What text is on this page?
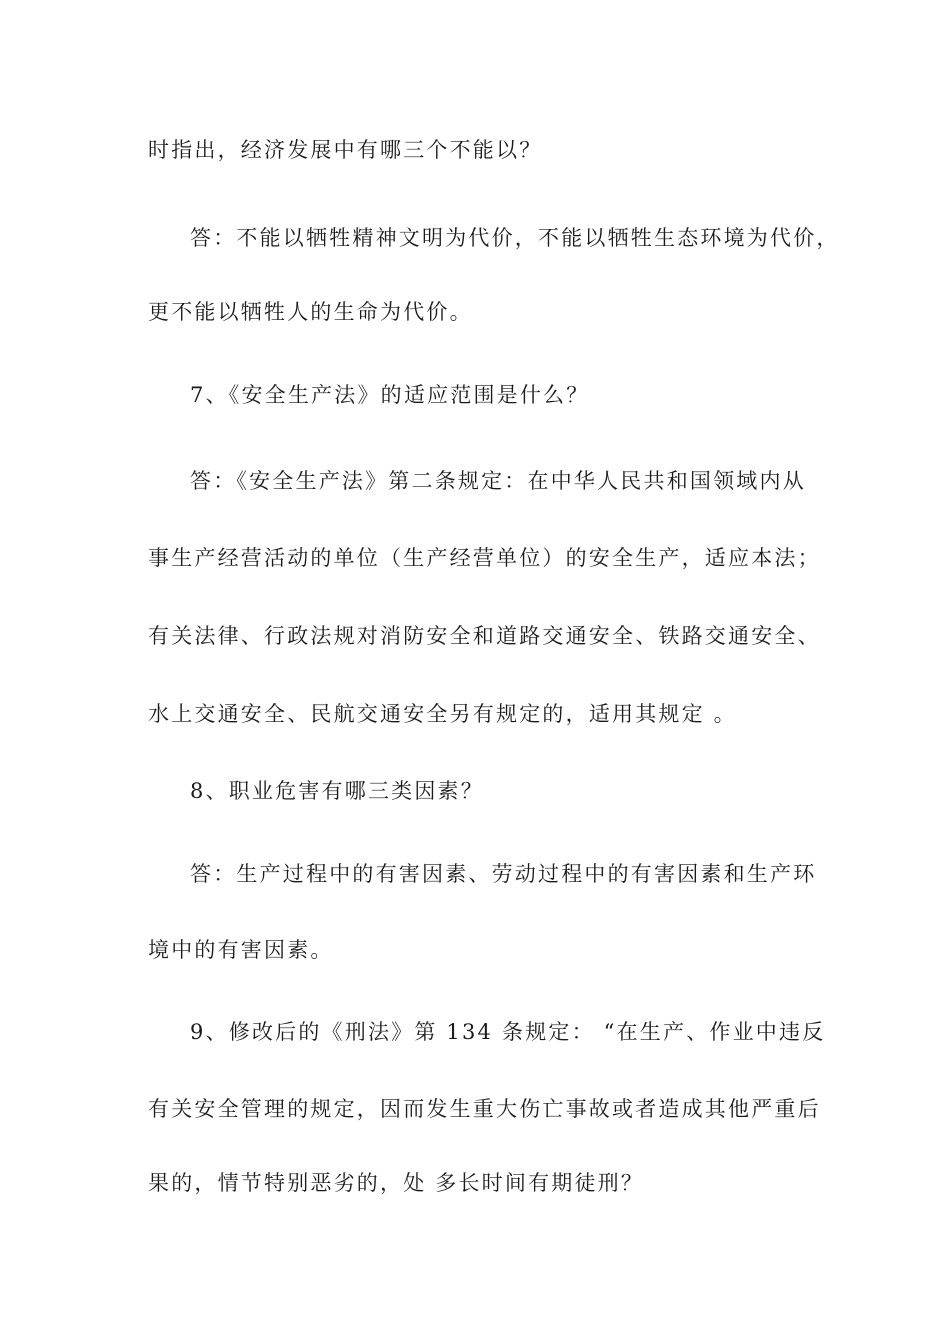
时指出，经济发展中有哪三个不能以？
答：不能以牺牲精神文明为代价，不能以牺牲生态环境为代价，
更不能以牺牲人的生命为代价。
7、《安全生产法》的适应范围是什么？
答：《安全生产法》第二条规定：在中华人民共和国领域内从
事生产经营活动的单位（生产经营单位）的安全生产，适应本法；
有关法律、行政法规对消防安全和道路交通安全、铁路交通安全、
水上交通安全、民航交通安全另有规定的，适用其规定 。
8、职业危害有哪三类因素？
答：生产过程中的有害因素、劳动过程中的有害因素和生产环
境中的有害因素。
9、修改后的《刑法》第 134 条规定： “在生产、作业中违反
有关安全管理的规定，因而发生重大伤亡事故或者造成其他严重后
果的，情节特别恶劣的，处 多长时间有期徒刑？
